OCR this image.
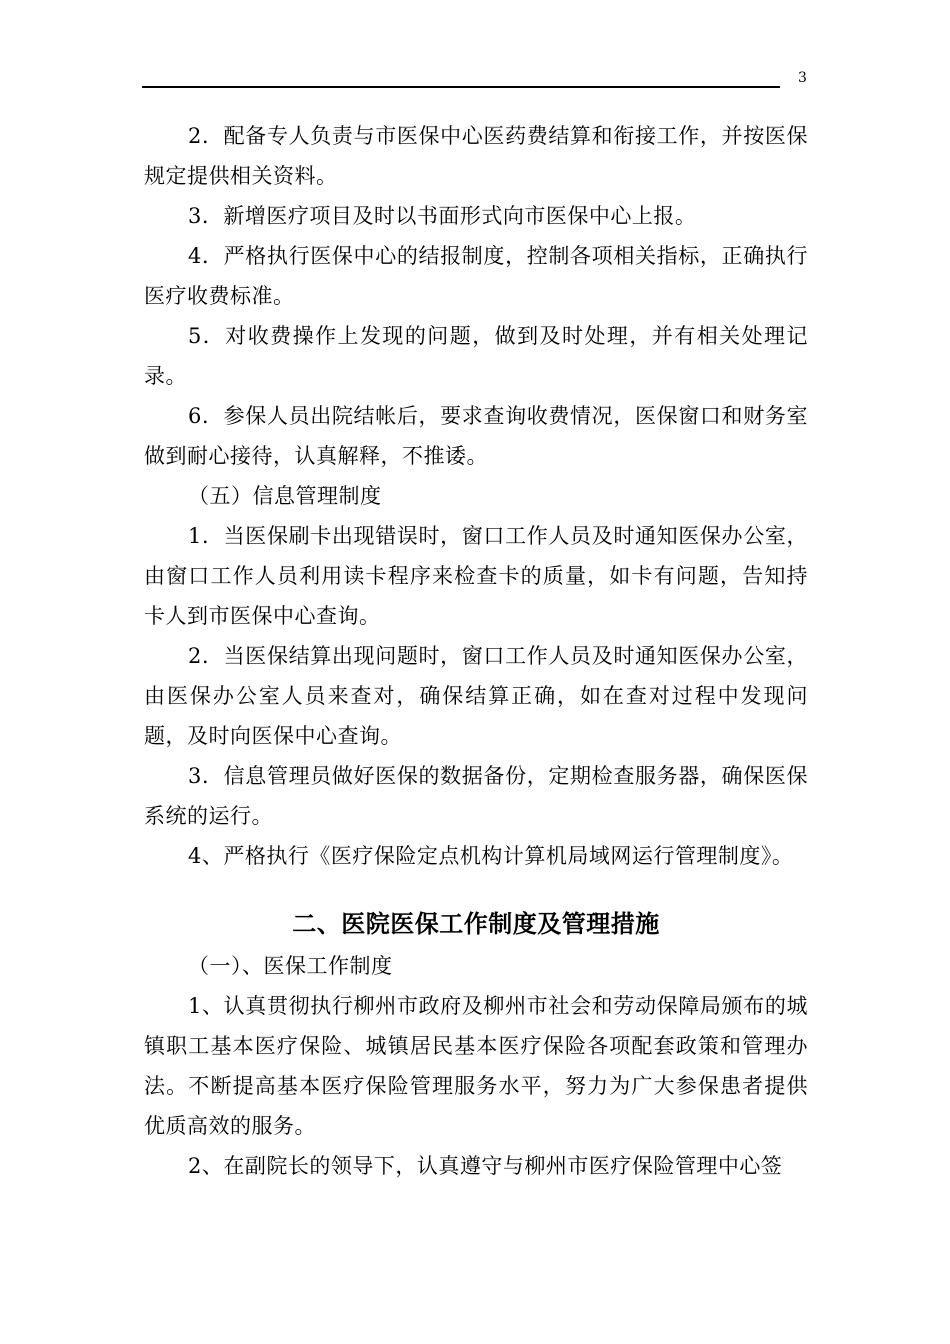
3

2．配备专人负责与市医保中心医药费结算和衔接工作，并按医保规定提供相关资料。

3．新增医疗项目及时以书面形式向市医保中心上报。

4．严格执行医保中心的结报制度，控制各项相关指标，正确执行医疗收费标准。

5．对收费操作上发现的问题，做到及时处理，并有相关处理记录。

6．参保人员出院结帐后，要求查询收费情况，医保窗口和财务室做到耐心接待，认真解释，不推诿。

（五）信息管理制度

1．当医保刷卡出现错误时，窗口工作人员及时通知医保办公室，由窗口工作人员利用读卡程序来检查卡的质量，如卡有问题，告知持卡人到市医保中心查询。

2．当医保结算出现问题时，窗口工作人员及时通知医保办公室，由医保办公室人员来查对，确保结算正确，如在查对过程中发现问题，及时向医保中心查询。

3．信息管理员做好医保的数据备份，定期检查服务器，确保医保系统的运行。

4、严格执行《医疗保险定点机构计算机局域网运行管理制度》。

二、医院医保工作制度及管理措施

（一）、医保工作制度

1、认真贯彻执行柳州市政府及柳州市社会和劳动保障局颁布的城镇职工基本医疗保险、城镇居民基本医疗保险各项配套政策和管理办法。不断提高基本医疗保险管理服务水平，努力为广大参保患者提供优质高效的服务。

2、在副院长的领导下，认真遵守与柳州市医疗保险管理中心签
